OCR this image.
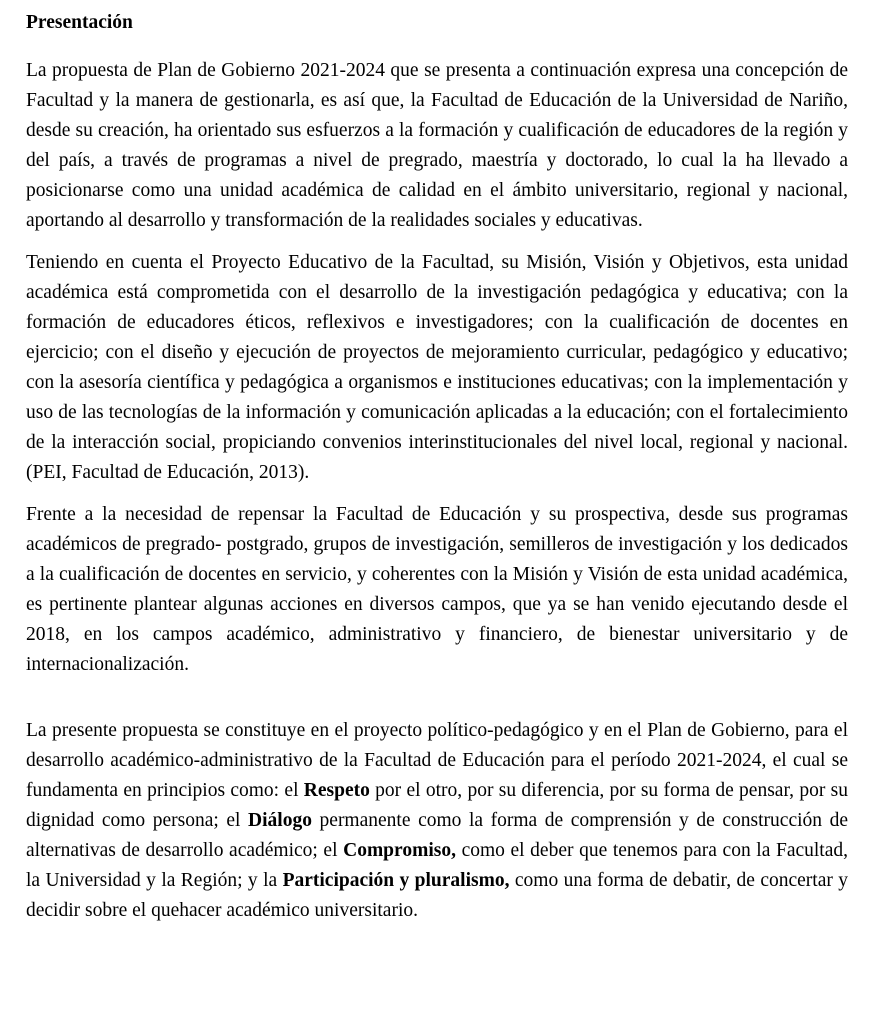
Presentación

La propuesta de Plan de Gobierno 2021-2024 que se presenta a continuación expresa una concepción de Facultad y la manera de gestionarla, es así que, la Facultad de Educación de la Universidad de Nariño, desde su creación, ha orientado sus esfuerzos a la formación y cualificación de educadores de la región y del país, a través de programas a nivel de pregrado, maestría y doctorado, lo cual la ha llevado a posicionarse como una unidad académica de calidad en el ámbito universitario, regional y nacional, aportando al desarrollo y transformación de la realidades sociales y educativas.

Teniendo en cuenta el Proyecto Educativo de la Facultad, su Misión, Visión y Objetivos, esta unidad académica está comprometida con el desarrollo de la investigación pedagógica y educativa; con la formación de educadores éticos, reflexivos e investigadores; con la cualificación de docentes en ejercicio; con el diseño y ejecución de proyectos de mejoramiento curricular, pedagógico y educativo; con la asesoría científica y pedagógica a organismos e instituciones educativas; con la implementación y uso de las tecnologías de la información y comunicación aplicadas a la educación; con el fortalecimiento de la interacción social, propiciando convenios interinstitucionales del nivel local, regional y nacional. (PEI, Facultad de Educación, 2013).

Frente a la necesidad de repensar la Facultad de Educación y su prospectiva, desde sus programas académicos de pregrado- postgrado, grupos de investigación, semilleros de investigación y los dedicados a la cualificación de docentes en servicio, y coherentes con la Misión y Visión de esta unidad académica, es pertinente plantear algunas acciones en diversos campos, que ya se han venido ejecutando desde el 2018, en los campos académico, administrativo y financiero, de bienestar universitario y de internacionalización.

La presente propuesta se constituye en el proyecto político-pedagógico y en el Plan de Gobierno, para el desarrollo académico-administrativo de la Facultad de Educación para el período 2021-2024, el cual se fundamenta en principios como: el Respeto por el otro, por su diferencia, por su forma de pensar, por su dignidad como persona; el Diálogo permanente como la forma de comprensión y de construcción de alternativas de desarrollo académico; el Compromiso, como el deber que tenemos para con la Facultad, la Universidad y la Región; y la Participación y pluralismo, como una forma de debatir, de concertar y decidir sobre el quehacer académico universitario.
